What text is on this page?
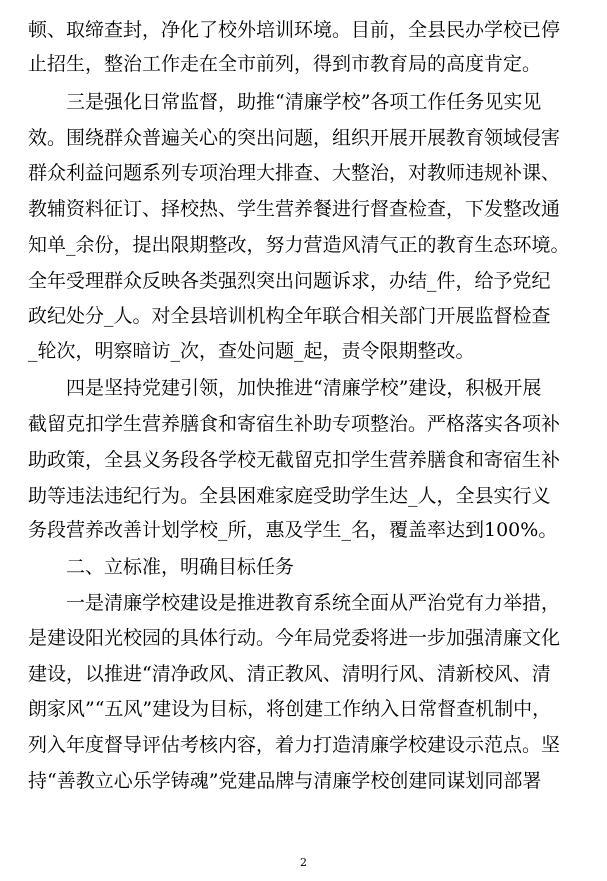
顿、取缔查封，净化了校外培训环境。目前，全县民办学校已停
止招生，整治工作走在全市前列，得到市教育局的高度肯定。
三是强化日常监督，助推“清廉学校”各项工作任务见实见
效。围绕群众普遍关心的突出问题，组织开展开展教育领域侵害
群众利益问题系列专项治理大排查、大整治，对教师违规补课、
教辅资料征订、择校热、学生营养餐进行督查检查，下发整改通
知单_余份，提出限期整改，努力营造风清气正的教育生态环境。
全年受理群众反映各类强烈突出问题诉求，办结_件，给予党纪
政纪处分_人。对全县培训机构全年联合相关部门开展监督检查
_轮次，明察暗访_次，查处问题_起，责令限期整改。
四是坚持党建引领，加快推进“清廉学校”建设，积极开展
截留克扣学生营养膳食和寄宿生补助专项整治。严格落实各项补
助政策，全县义务段各学校无截留克扣学生营养膳食和寄宿生补
助等违法违纪行为。全县困难家庭受助学生达_人，全县实行义
务段营养改善计划学校_所，惠及学生_名，覆盖率达到100%。
二、立标准，明确目标任务
一是清廉学校建设是推进教育系统全面从严治党有力举措，
是建设阳光校园的具体行动。今年局党委将进一步加强清廉文化
建设，以推进“清净政风、清正教风、清明行风、清新校风、清
朗家风”“五风”建设为目标，将创建工作纳入日常督查机制中，
列入年度督导评估考核内容，着力打造清廉学校建设示范点。坚
持“善教立心乐学铸魂”党建品牌与清廉学校创建同谋划同部署
2
